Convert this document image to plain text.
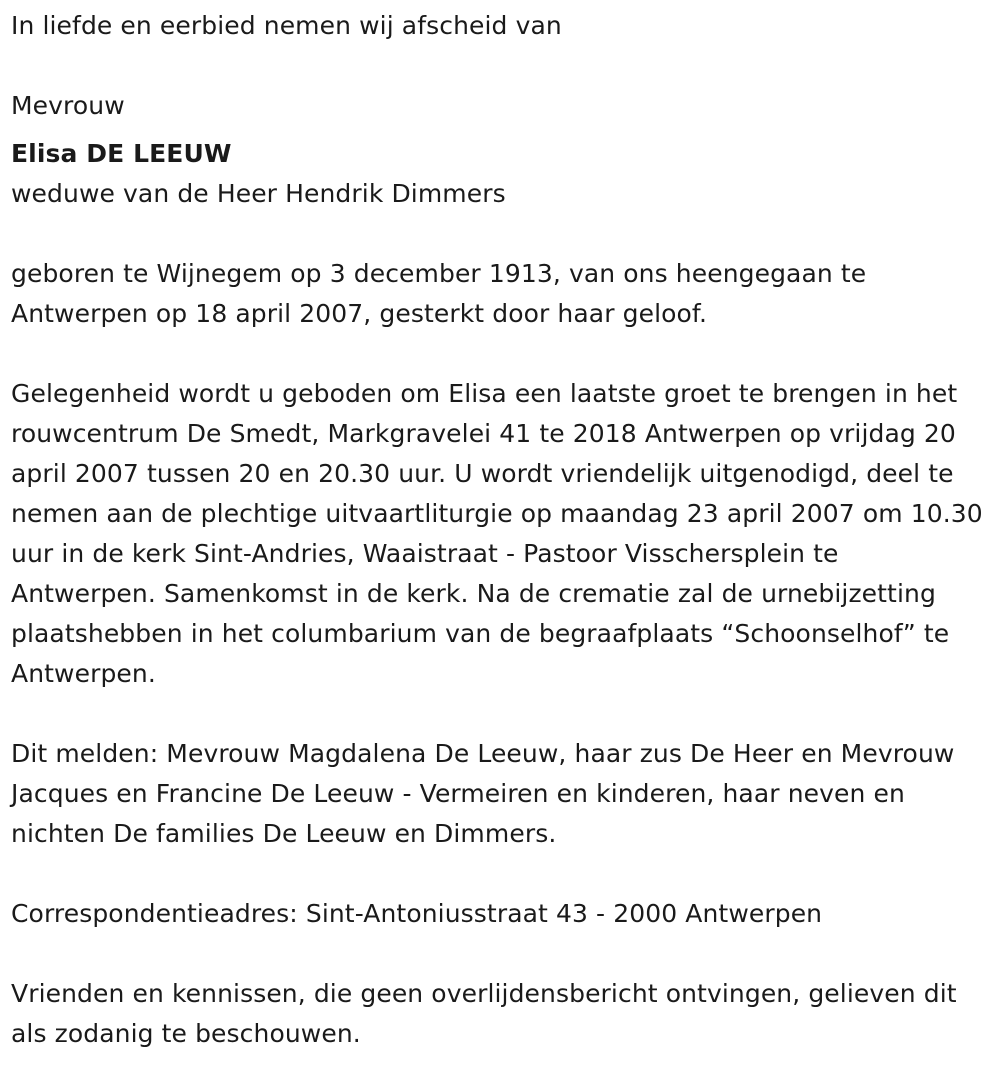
In liefde en eerbied nemen wij afscheid van

Mevrouw

Elisa DE LEEUW

weduwe van de Heer Hendrik Dimmers

geboren te Wijnegem op 3 december 1913, van ons heengegaan te Antwerpen op 18 april 2007, gesterkt door haar geloof.

Gelegenheid wordt u geboden om Elisa een laatste groet te brengen in het rouwcentrum De Smedt, Markgravelei 41 te 2018 Antwerpen op vrijdag 20 april 2007 tussen 20 en 20.30 uur. U wordt vriendelijk uitgenodigd, deel te nemen aan de plechtige uitvaartliturgie op maandag 23 april 2007 om 10.30 uur in de kerk Sint-Andries, Waaistraat - Pastoor Visschersplein te Antwerpen. Samenkomst in de kerk. Na de crematie zal de urnebijzetting plaatshebben in het columbarium van de begraafplaats “Schoonselhof” te Antwerpen.

Dit melden: Mevrouw Magdalena De Leeuw, haar zus De Heer en Mevrouw Jacques en Francine De Leeuw - Vermeiren en kinderen, haar neven en nichten De families De Leeuw en Dimmers.

Correspondentieadres: Sint-Antoniusstraat 43 - 2000 Antwerpen

Vrienden en kennissen, die geen overlijdensbericht ontvingen, gelieven dit als zodanig te beschouwen.
